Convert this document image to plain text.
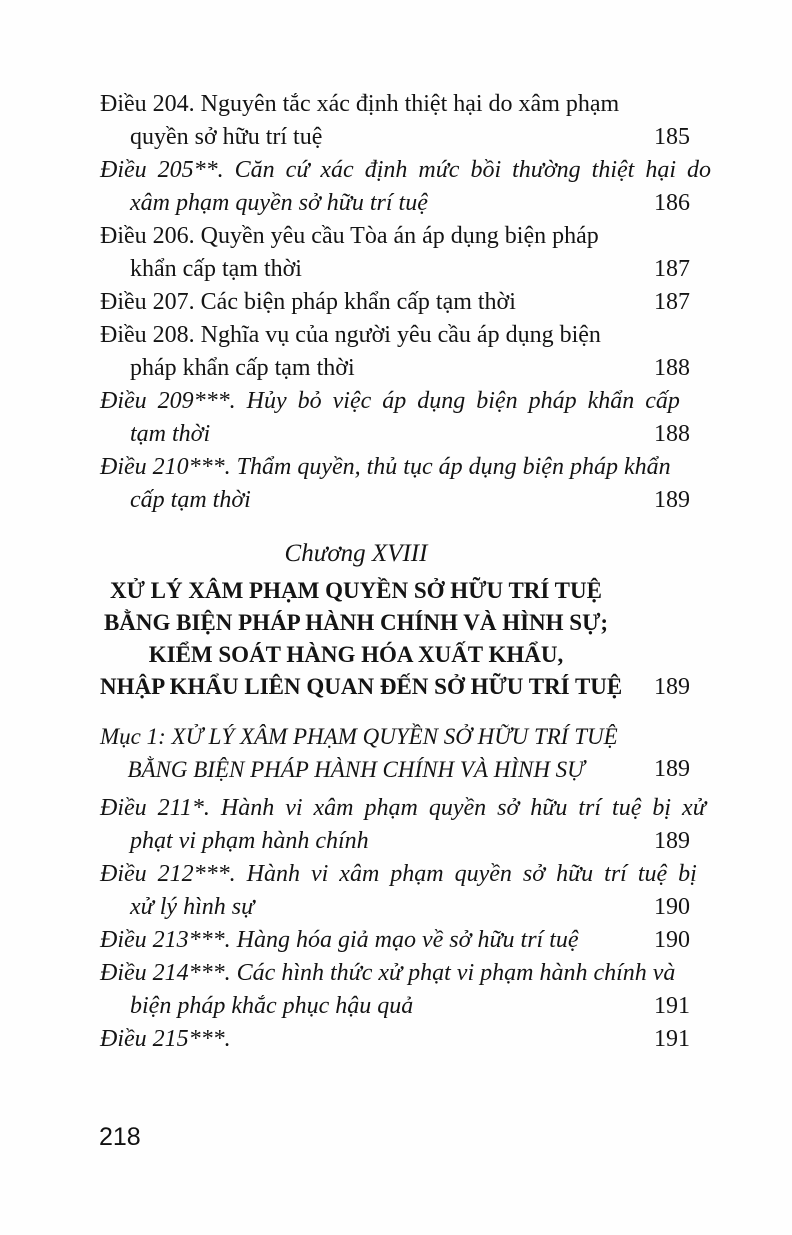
Điều 204. Nguyên tắc xác định thiệt hại do xâm phạm
quyền sở hữu trí tuệ	185
Điều 205**. Căn cứ xác định mức bồi thường thiệt hại do
xâm phạm quyền sở hữu trí tuệ	186
Điều 206. Quyền yêu cầu Tòa án áp dụng biện pháp
khẩn cấp tạm thời	187
Điều 207. Các biện pháp khẩn cấp tạm thời	187
Điều 208. Nghĩa vụ của người yêu cầu áp dụng biện
pháp khẩn cấp tạm thời	188
Điều 209***. Hủy bỏ việc áp dụng biện pháp khẩn cấp
tạm thời	188
Điều 210***. Thẩm quyền, thủ tục áp dụng biện pháp khẩn
cấp tạm thời	189
Chương XVIII
XỬ LÝ XÂM PHẠM QUYỀN SỞ HỮU TRÍ TUỆ
BẰNG BIỆN PHÁP HÀNH CHÍNH VÀ HÌNH SỰ;
KIỂM SOÁT HÀNG HÓA XUẤT KHẨU,
NHẬP KHẨU LIÊN QUAN ĐẾN SỞ HỮU TRÍ TUỆ 189
Mục 1: XỬ LÝ XÂM PHẠM QUYỀN SỞ HỮU TRÍ TUỆ
BẰNG BIỆN PHÁP HÀNH CHÍNH VÀ HÌNH SỰ	189
Điều 211*. Hành vi xâm phạm quyền sở hữu trí tuệ bị xử
phạt vi phạm hành chính	189
Điều 212***. Hành vi xâm phạm quyền sở hữu trí tuệ bị
xử lý hình sự	190
Điều 213***. Hàng hóa giả mạo về sở hữu trí tuệ	190
Điều 214***. Các hình thức xử phạt vi phạm hành chính và
biện pháp khắc phục hậu quả	191
Điều 215***.	191
218
